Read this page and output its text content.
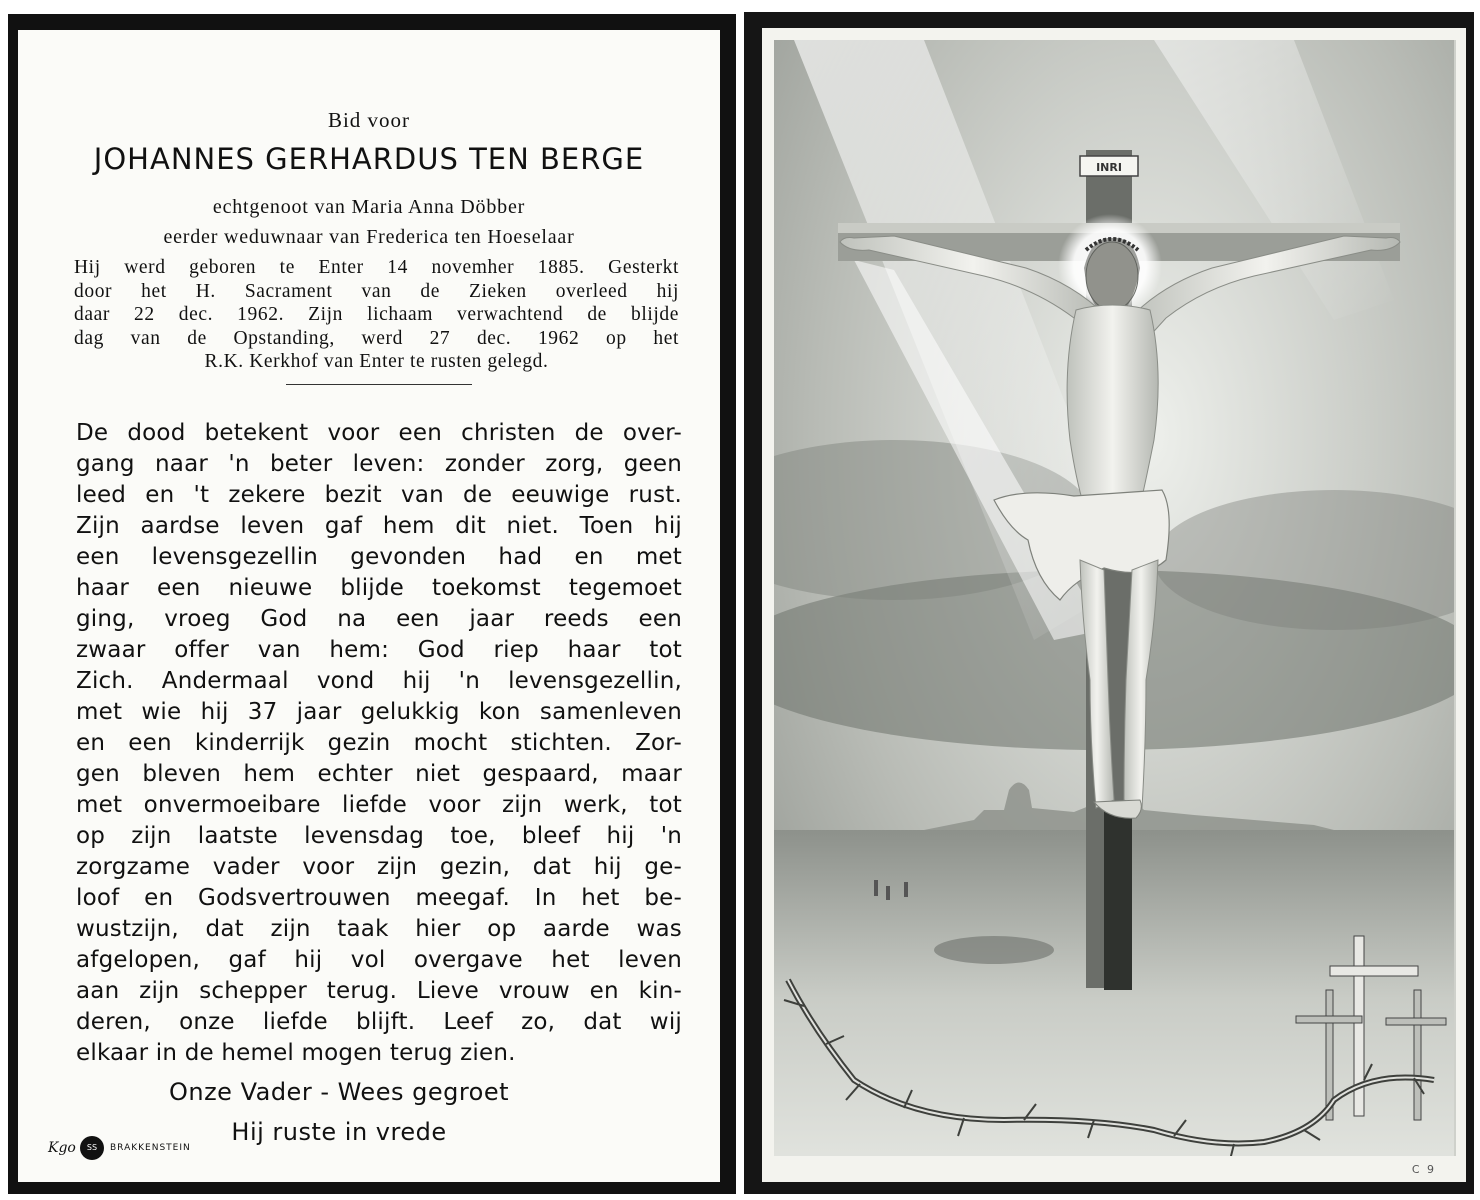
Bid voor
JOHANNES GERHARDUS TEN BERGE
echtgenoot van Maria Anna Döbber
eerder weduwnaar van Frederica ten Hoeselaar
Hij werd geboren te Enter 14 novemher 1885. Gesterkt
door het H. Sacrament van de Zieken overleed hij
daar 22 dec. 1962. Zijn lichaam verwachtend de blijde
dag van de Opstanding, werd 27 dec. 1962 op het
R.K. Kerkhof van Enter te rusten gelegd.
De dood betekent voor een christen de over-
gang naar 'n beter leven: zonder zorg, geen
leed en 't zekere bezit van de eeuwige rust.
Zijn aardse leven gaf hem dit niet. Toen hij
een levensgezellin gevonden had en met
haar een nieuwe blijde toekomst tegemoet
ging, vroeg God na een jaar reeds een
zwaar offer van hem: God riep haar tot
Zich. Andermaal vond hij 'n levensgezellin,
met wie hij 37 jaar gelukkig kon samenleven
en een kinderrijk gezin mocht stichten. Zor-
gen bleven hem echter niet gespaard, maar
met onvermoeibare liefde voor zijn werk, tot
op zijn laatste levensdag toe, bleef hij 'n
zorgzame vader voor zijn gezin, dat hij ge-
loof en Godsvertrouwen meegaf. In het be-
wustzijn, dat zijn taak hier op aarde was
afgelopen, gaf hij vol overgave het leven
aan zijn schepper terug. Lieve vrouw en kin-
deren, onze liefde blijft. Leef zo, dat wij
elkaar in de hemel mogen terug zien.
Onze Vader - Wees gegroet
Hij ruste in vrede
Kgo	SS	BRAKKENSTEIN
INRI
C 9
